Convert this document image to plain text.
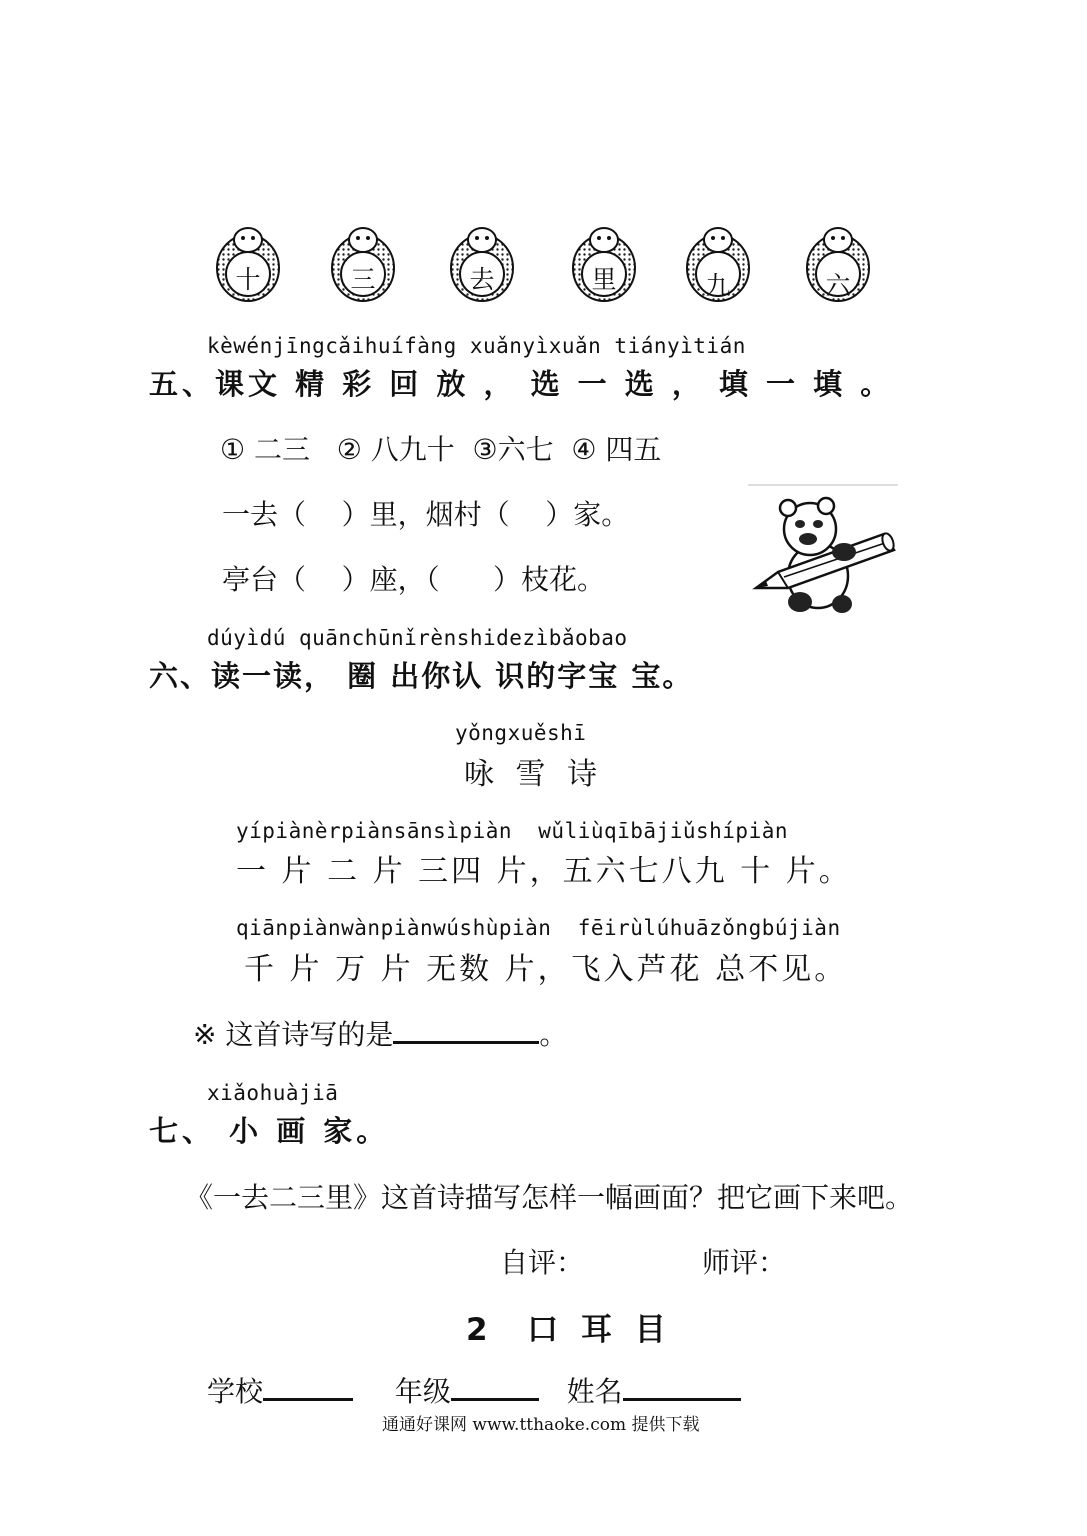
十	三	去	里	九	六
kèwénjīngcǎihuífàng xuǎnyìxuǎn tiányìtián
五、课文 精 彩 回 放 ， 选 一 选 ， 填 一 填 。
① 二三   ② 八九十  ③六七  ④ 四五
一去（    ）里，烟村（    ）家。
亭台（    ）座，（      ）枝花。
dúyìdú quānchūnǐrènshidezìbǎobao
六、读一读， 圈 出你认 识的字宝 宝。
yǒngxuěshī
咏 雪 诗
yípiànèrpiànsānsìpiàn  wǔliùqībājiǔshípiàn
一 片 二 片 三四 片，五六七八九 十 片。
qiānpiànwànpiànwúshùpiàn  fēirùlúhuāzǒngbújiàn
千 片 万 片 无数 片，飞入芦花 总不见。
※ 这首诗写的是	。
xiǎohuàjiā
七、 小 画 家。
《一去二三里》这首诗描写怎样一幅画面？把它画下来吧。
自评：	师评：
2  口 耳 目
学校	年级	姓名
通通好课网 www.tthaoke.com 提供下载
